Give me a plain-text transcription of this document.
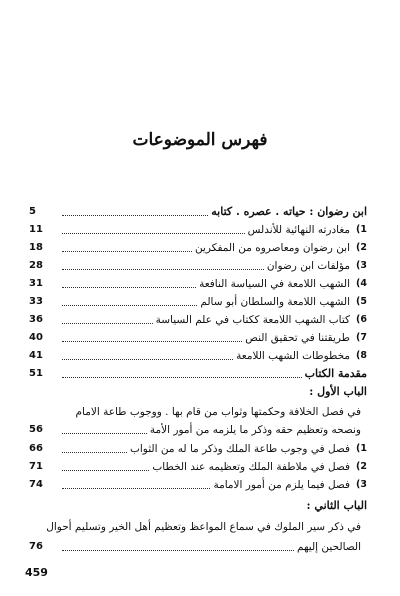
فهرس الموضوعات
ابن رضوان : حياته . عصره . كتابه
5
1)
مغادرته النهائية للأندلس
11
2)
ابن رضوان ومعاصروه من المفكرين
18
3)
مؤلفات ابن رضوان
28
4)
الشهب اللامعة في السياسة النافعة
31
5)
الشهب اللامعة والسلطان أبو سالم
33
6)
كتاب الشهب اللامعة ككتاب في علم السياسة
36
7)
طريقتنا في تحقيق النص
40
8)
مخطوطات الشهب اللامعة
41
مقدمة الكتاب
51
الباب الأول :
في فصل الخلافة وحكمتها وثواب من قام بها . ووجوب طاعة الامام
ونصحه وتعظيم حقه وذكر ما يلزمه من أمور الأمة
56
1)
فصل في وجوب طاعة الملك وذكر ما له من الثواب
66
2)
فصل في ملاطفة الملك وتعظيمه عند الخطاب
71
3)
فصل فيما يلزم من أمور الامامة
74
الباب الثاني :
في ذكر سير الملوك في سماع المواعظ وتعظيم أهل الخير وتسليم أحوال
الصالحين إليهم
76
459
